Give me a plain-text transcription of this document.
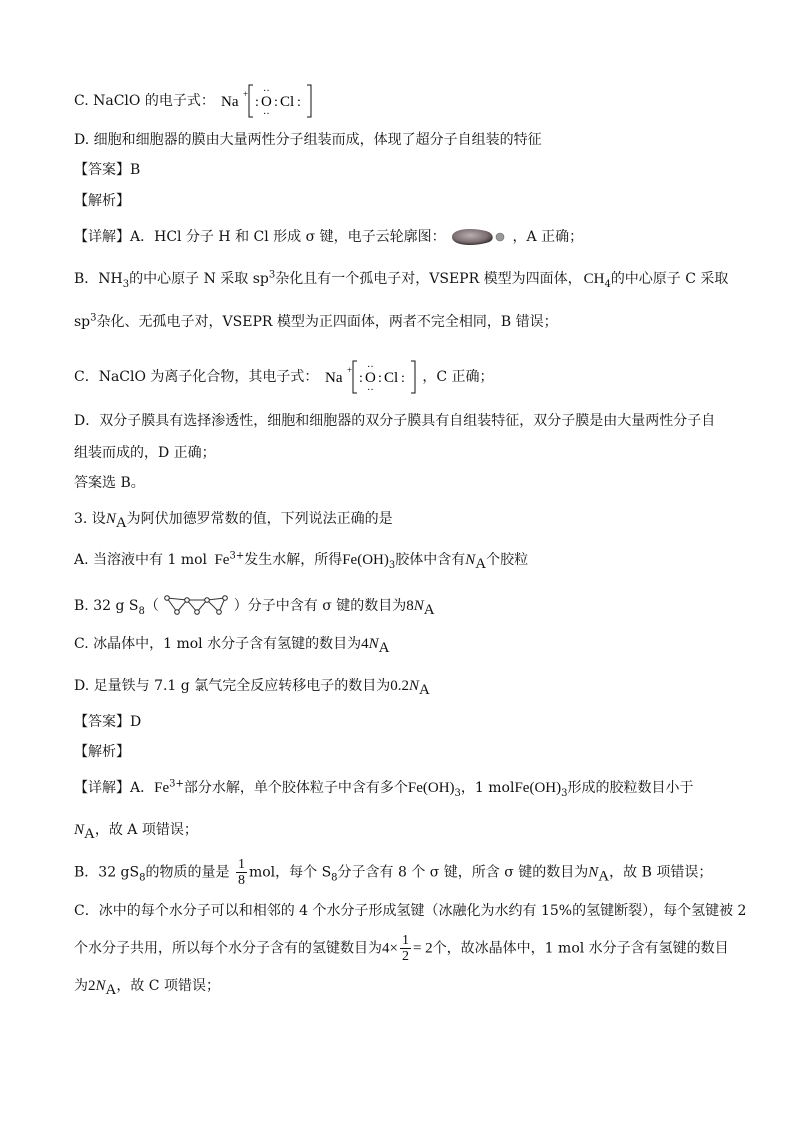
C. NaClO 的电子式： Na +
: O
··
··
: Cl :
D. 细胞和细胞器的膜由大量两性分子组装而成，体现了超分子自组装的特征
【答案】B
【解析】
【详解】A．HCl 分子 H 和 Cl 形成 σ 键，电子云轮廓图：	，A 正确；
B．$NH_3$的中心原子 N 采取 $sp^3$杂化且有一个孤电子对，VSEPR 模型为四面体， $CH_4$的中心原子 C 采取
$sp^3$杂化、无孤电子对，VSEPR 模型为正四面体，两者不完全相同，B 错误；
C．NaClO 为离子化合物，其电子式： Na +
: O
··
··
: Cl : ，C 正确；
D．双分子膜具有选择渗透性，细胞和细胞器的双分子膜具有自组装特征，双分子膜是由大量两性分子自
组装而成的，D 正确；
答案选 B。
3. 设$N_A$为阿伏加德罗常数的值，下列说法正确的是
A. 当溶液中有 1 mol $Fe^{3+}$发生水解，所得$Fe(OH)_3$胶体中含有$N_A$个胶粒
B. 32 g $S_8$（	）分子中含有 σ 键的数目为$8N_A$
C. 冰晶体中，1 mol 水分子含有氢键的数目为$4N_A$
D. 足量铁与 7.1 g 氯气完全反应转移电子的数目为$0.2N_A$
【答案】D
【解析】
【详解】A．$Fe^{3+}$部分水解，单个胶体粒子中含有多个$Fe(OH)_3$，1 $molFe(OH)_3$形成的胶粒数目小于
$N_A$，故 A 项错误；
B．32 $gS_8$的物质的量是 $\frac{1}{8}$ mol，每个 $S_8$分子含有 8 个 σ 键，所含 σ 键的数目为$N_A$，故 B 项错误；
C．冰中的每个水分子可以和相邻的 4 个水分子形成氢键（冰融化为水约有 15%的氢键断裂），每个氢键被 2
个水分子共用，所以每个水分子含有的氢键数目为$4\times \frac{1}{2} = 2$个，故冰晶体中，1 mol 水分子含有氢键的数目
为$2N_A$，故 C 项错误；
